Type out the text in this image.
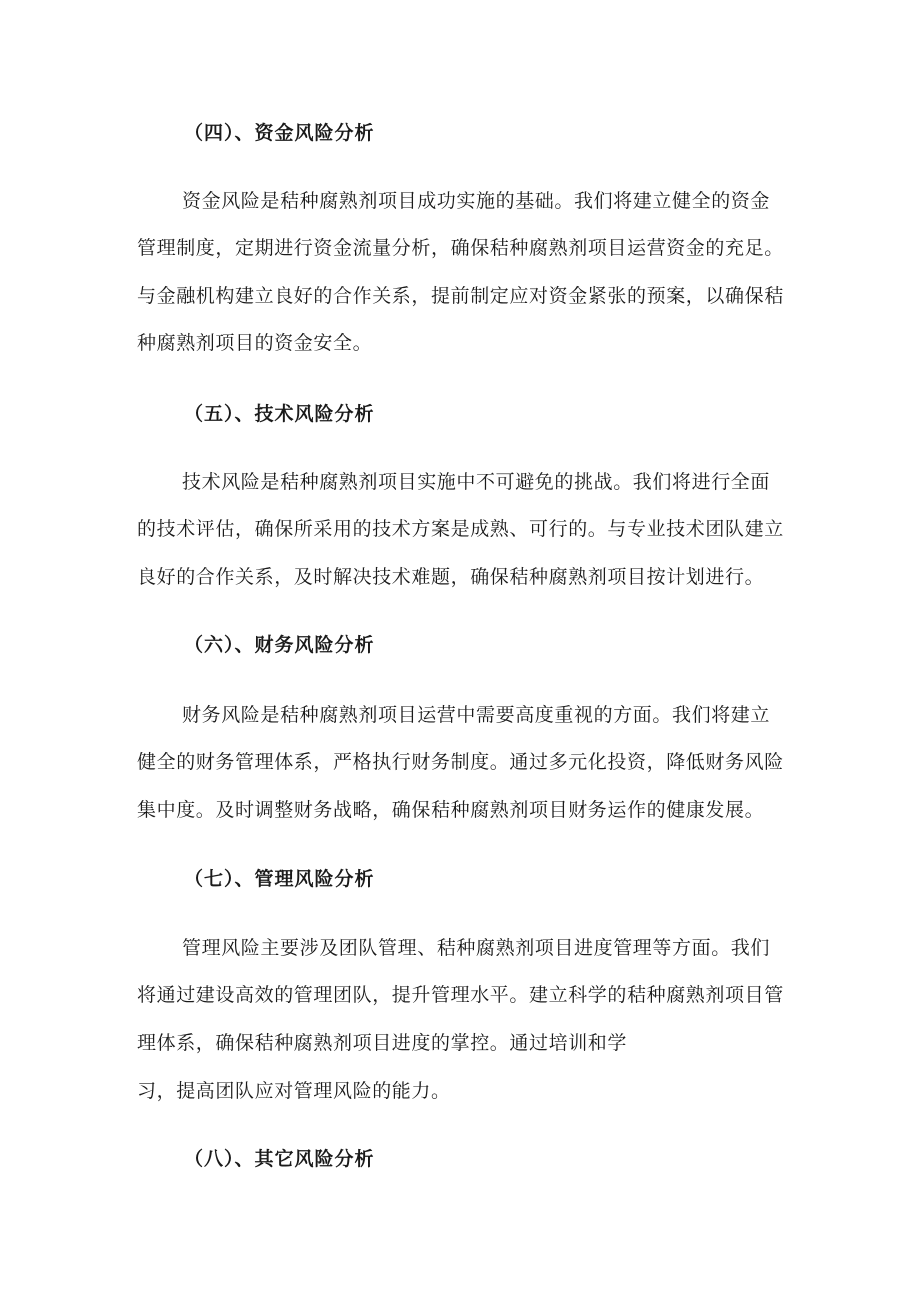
（四）、资金风险分析
资金风险是秸种腐熟剂项目成功实施的基础。我们将建立健全的资金
管理制度，定期进行资金流量分析，确保秸种腐熟剂项目运营资金的充足。
与金融机构建立良好的合作关系，提前制定应对资金紧张的预案，以确保秸
种腐熟剂项目的资金安全。
（五）、技术风险分析
技术风险是秸种腐熟剂项目实施中不可避免的挑战。我们将进行全面
的技术评估，确保所采用的技术方案是成熟、可行的。与专业技术团队建立
良好的合作关系，及时解决技术难题，确保秸种腐熟剂项目按计划进行。
（六）、财务风险分析
财务风险是秸种腐熟剂项目运营中需要高度重视的方面。我们将建立
健全的财务管理体系，严格执行财务制度。通过多元化投资，降低财务风险
集中度。及时调整财务战略，确保秸种腐熟剂项目财务运作的健康发展。
（七）、管理风险分析
管理风险主要涉及团队管理、秸种腐熟剂项目进度管理等方面。我们
将通过建设高效的管理团队，提升管理水平。建立科学的秸种腐熟剂项目管
理体系，确保秸种腐熟剂项目进度的掌控。通过培训和学
习，提高团队应对管理风险的能力。
（八）、其它风险分析
